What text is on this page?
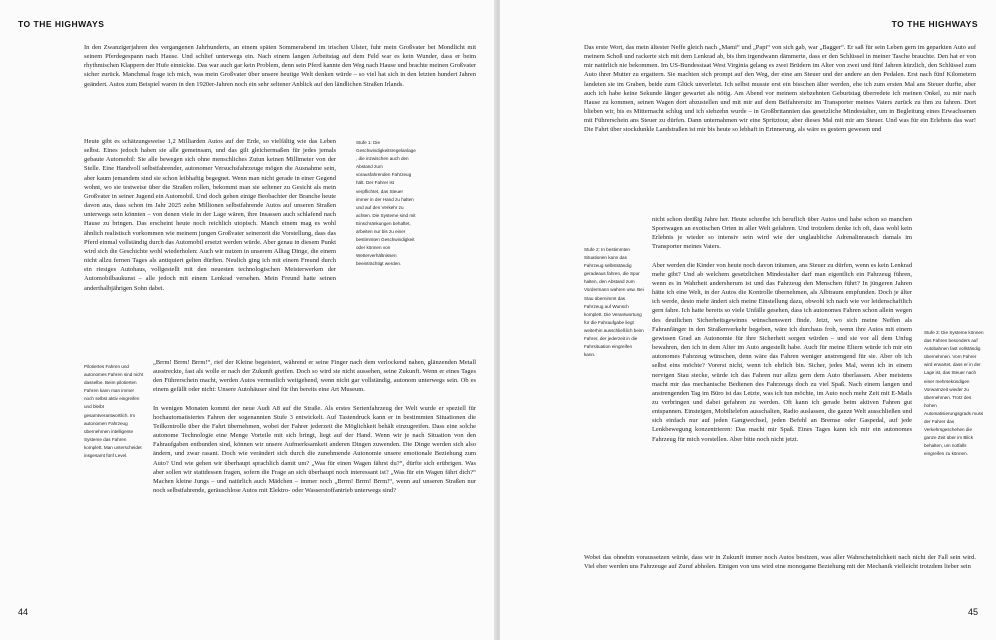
TO THE HIGHWAYS

In den Zwanzigerjahren des vergangenen Jahrhunderts, an einem späten Sommerabend im irischen Ulster, fuhr mein Großvater bei Mondlicht mit seinem Pferdegespann nach Hause. Und schlief unterwegs ein. Nach einem langen Arbeitstag auf dem Feld war es kein Wunder, dass er beim rhythmischen Klappern der Hufe einnickte. Das war auch gar kein Problem, denn sein Pferd kannte den Weg nach Hause und brachte meinen Großvater sicher zurück. Manchmal frage ich mich, was mein Großvater über unsere heutige Welt denken würde – so viel hat sich in den letzten hundert Jahren geändert. Autos zum Beispiel waren in den 1920er-Jahren noch ein sehr seltener Anblick auf den ländlichen Straßen Irlands.

Heute gibt es schätzungsweise 1,2 Milliarden Autos auf der Erde, so vielfältig wie das Leben selbst. Eines jedoch haben sie alle gemeinsam, und das gilt gleichermaßen für jedes jemals gebaute Automobil: Sie alle bewegen sich ohne menschliches Zutun keinen Millimeter von der Stelle. Eine Handvoll selbstfahrender, autonomer Versuchsfahrzeuge mögen die Ausnahme sein, aber kaum jemandem sind sie schon leibhaftig begegnet. Wenn man nicht gerade in einer Gegend wohnt, wo sie testweise über die Straßen rollen, bekommt man sie seltener zu Gesicht als mein Großvater in seiner Jugend ein Automobil. Und doch gehen einige Beobachter der Branche heute davon aus, dass schon im Jahr 2025 zehn Millionen selbstfahrende Autos auf unseren Straßen unterwegs sein könnten – von denen viele in der Lage wären, ihre Insassen auch schlafend nach Hause zu bringen. Das erscheint heute noch reichlich utopisch. Manch einem mag es wohl ähnlich realistisch vorkommen wie meinem jungen Großvater seinerzeit die Vorstellung, dass das Pferd einmal vollständig durch das Automobil ersetzt werden würde. Aber genau in diesem Punkt wird sich die Geschichte wohl wiederholen: Auch wir nutzen in unserem Alltag Dinge, die einem nicht allzu fernen Tages als antiquiert gelten dürften. Neulich ging ich mit einem Freund durch ein riesiges Autohaus, vollgestellt mit den neuesten technologischen Meisterwerken der Automobilbaukunst – alle jedoch mit einem Lenkrad versehen. Mein Freund hatte seinen anderthalbjährigen Sohn dabei.

„Brrm! Brrm! Brrm!“, rief der Kleine begeistert, während er seine Finger nach dem verlockend nahen, glänzenden Metall ausstreckte, fast als wolle er nach der Zukunft greifen. Doch so wird sie nicht aussehen, seine Zukunft. Wenn er eines Tages den Führerschein macht, werden Autos vermutlich weitgehend, wenn nicht gar vollständig, autonom unterwegs sein. Ob es einem gefällt oder nicht: Unsere Autohäuser sind für ihn bereits eine Art Museum.

In wenigen Monaten kommt der neue Audi A8 auf die Straße. Als erstes Serienfahrzeug der Welt wurde er speziell für hochautomatisiertes Fahren der sogenannten Stufe 3 entwickelt. Auf Tastendruck kann er in bestimmten Situationen die Teilkontrolle über die Fahrt übernehmen, wobei der Fahrer jederzeit die Möglichkeit behält einzugreifen. Dass eine solche autonome Technologie eine Menge Vorteile mit sich bringt, liegt auf der Hand. Wenn wir je nach Situation von den Fahraufgaben entbunden sind, können wir unsere Aufmerksamkeit anderen Dingen zuwenden. Die Dinge werden sich also ändern, und zwar rasant. Doch wie verändert sich durch die zunehmende Autonomie unsere emotionale Beziehung zum Auto? Und wie gehen wir überhaupt sprachlich damit um? „Was für einen Wagen fährst du?“, dürfte sich erübrigen. Was aber sollen wir stattdessen fragen, sofern die Frage an sich überhaupt noch interessant ist? „Was für ein Wagen fährt dich?“ Machen kleine Jungs – und natürlich auch Mädchen – immer noch „Brrm! Brrm! Brrm!“, wenn auf unseren Straßen nur noch selbstfahrende, geräuschlose Autos mit Elektro- oder Wasserstoffantrieb unterwegs sind?

Stufe 1: Die Geschwindigkeitsregelanlage, die inzwischen auch den Abstand zum vorausfahrenden Fahrzeug hält. Der Fahrer ist verpflichtet, das Steuer immer in der Hand zu halten und auf den Verkehr zu achten. Die Systeme sind mit Einschränkungen behaftet, arbeiten nur bis zu einer bestimmten Geschwindigkeit oder können von Wetterverhältnissen beeinträchtigt werden.
Pilotiertes Fahren und autonomes Fahren sind nicht dasselbe. Beim pilotierten Fahren kann man immer noch selbst aktiv eingreifen und bleibt gesamtverantwortlich. Im autonomen Fahrzeug übernehmen intelligente Systeme das Fahren komplett. Man unterscheidet insgesamt fünf Level.
44
TO THE HIGHWAYS

Das erste Wort, das mein ältester Neffe gleich nach „Mami“ und „Papi“ von sich gab, war „Bagger“. Er saß für sein Leben gern im geparkten Auto auf meinem Schoß und rackerte sich mit dem Lenkrad ab, bis ihm irgendwann dämmerte, dass er den Schlüssel in meiner Tasche brauchte. Den hat er von mir natürlich nie bekommen. Im US-Bundesstaat West Virginia gelang es zwei Brüdern im Alter von zwei und fünf Jahren kürzlich, den Schlüssel zum Auto ihrer Mutter zu ergattern. Sie machten sich prompt auf den Weg, der eine am Steuer und der andere an den Pedalen. Erst nach fünf Kilometern landeten sie im Graben, beide zum Glück unverletzt. Ich selbst musste erst ein bisschen älter werden, ehe ich zum ersten Mal ans Steuer durfte, aber auch ich habe keine Sekunde länger gewartet als nötig. Am Abend vor meinem siebzehnten Geburtstag überredete ich meinen Onkel, zu mir nach Hause zu kommen, seinen Wagen dort abzustellen und mit mir auf dem Beifahrersitz im Transporter meines Vaters zurück zu ihm zu fahren. Dort blieben wir, bis es Mitternacht schlug und ich siebzehn wurde – in Großbritannien das gesetzliche Mindestalter, um in Begleitung eines Erwachsenen mit Führerschein ans Steuer zu dürfen. Dann unternahmen wir eine Spritztour, aber dieses Mal mit mir am Steuer. Und was für ein Erlebnis das war! Die Fahrt über stockdunkle Landstraßen ist mir bis heute so lebhaft in Erinnerung, als wäre es gestern gewesen und

nicht schon dreißig Jahre her. Heute schreibe ich beruflich über Autos und habe schon so manchen Sportwagen an exotischen Orten in aller Welt gefahren. Und trotzdem denke ich oft, dass wohl kein Erlebnis je wieder so intensiv sein wird wie der unglaubliche Adrenalinrausch damals im Transporter meines Vaters.

Aber werden die Kinder von heute noch davon träumen, ans Steuer zu dürfen, wenn es kein Lenkrad mehr gibt? Und ab welchem gesetzlichen Mindestalter darf man eigentlich ein Fahrzeug führen, wenn es in Wahrheit andersherum ist und das Fahrzeug den Menschen führt? In jüngeren Jahren hätte ich eine Welt, in der Autos die Kontrolle übernehmen, als Albtraum empfunden. Doch je älter ich werde, desto mehr ändert sich meine Einstellung dazu, obwohl ich nach wie vor leidenschaftlich gern fahre. Ich hatte bereits so viele Unfälle gesehen, dass ich autonomes Fahren schon allein wegen des deutlichen Sicherheitsgewinns wünschenswert finde. Jetzt, wo sich meine Neffen als Fahranfänger in den Straßenverkehr begeben, wäre ich durchaus froh, wenn ihre Autos mit einem gewissen Grad an Autonomie für ihre Sicherheit sorgen würden – und sie vor all dem Unfug bewahren, den ich in dem Alter im Auto angestellt habe. Auch für meine Eltern würde ich mir ein autonomes Fahrzeug wünschen, denn wäre das Fahren weniger anstrengend für sie. Aber ob ich selbst eins möchte? Vorerst nicht, wenn ich ehrlich bin. Sicher, jedes Mal, wenn ich in einem nervigen Stau stecke, würde ich das Fahren nur allzu gern dem Auto überlassen. Aber meistens macht mir das mechanische Bedienen des Fahrzeugs doch zu viel Spaß. Nach einem langen und anstrengenden Tag im Büro ist das Letzte, was ich tun möchte, im Auto noch mehr Zeit mit E-Mails zu verbringen und dabei gefahren zu werden. Oft kann ich gerade beim aktiven Fahren gut entspannen. Einsteigen, Mobiltelefon ausschalten, Radio auslassen, die ganze Welt ausschließen und sich einfach nur auf jeden Gangwechsel, jeden Befehl an Bremse oder Gaspedal, auf jede Lenkbewegung konzentrieren: Das macht mir Spaß. Eines Tages kann ich mir ein autonomes Fahrzeug für mich vorstellen. Aber bitte noch nicht jetzt.

Wobei das ohnehin voraussetzen würde, dass wir in Zukunft immer noch Autos besitzen, was aller Wahrscheinlichkeit nach nicht der Fall sein wird. Viel eher werden uns Fahrzeuge auf Zuruf abholen. Einigen von uns wird eine monogame Beziehung mit der Mechanik vielleicht trotzdem lieber sein

Stufe 2: In bestimmten Situationen kann das Fahrzeug selbstständig geradeaus fahren, die Spur halten, den Abstand zum Vordermann wahren usw. Bei Stau übernimmt das Fahrzeug auf Wunsch komplett. Die Verantwortung für die Fahraufgabe liegt weiterhin ausschließlich beim Fahrer, der jederzeit in die Fahrsituation eingreifen kann.
Stufe 3: Die Systeme können das Fahren besonders auf Autobahnen fast vollständig übernehmen. Vom Fahrer wird erwartet, dass er in der Lage ist, das Steuer nach einer mehrsekündigen Vorwarnzeit wieder zu übernehmen. Trotz des hohen Automatisierungsgrads muss der Fahrer das Verkehrsgeschehen die ganze Zeit über im Blick behalten, um notfalls eingreifen zu können.
45
